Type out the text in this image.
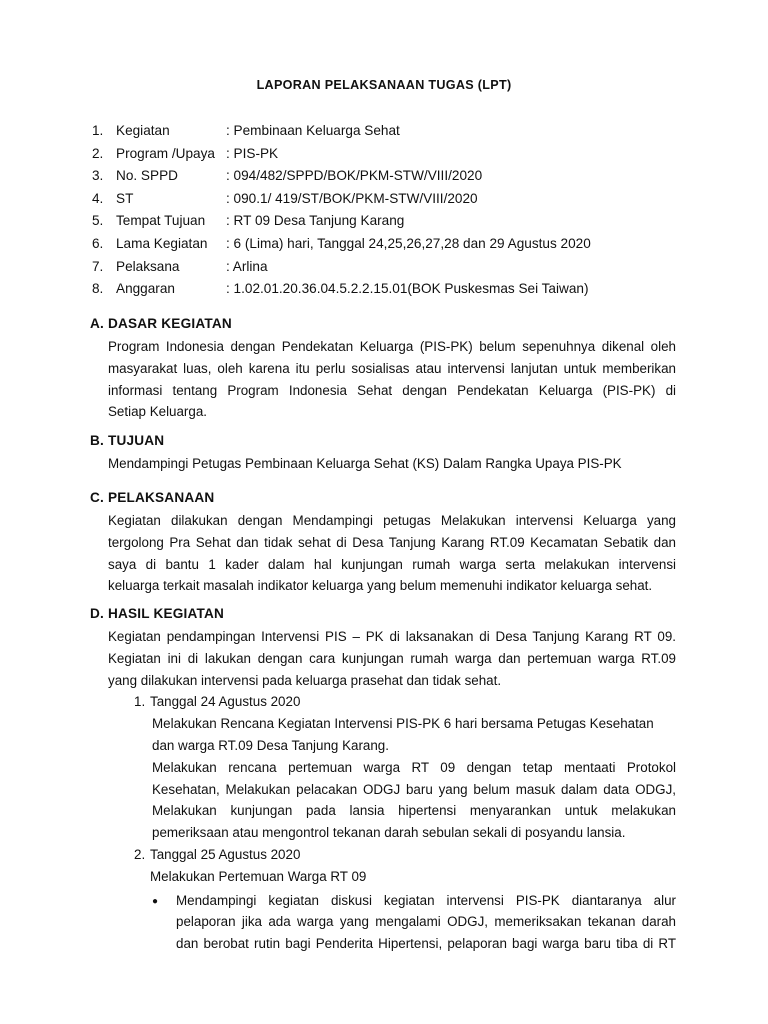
LAPORAN PELAKSANAAN TUGAS (LPT)
1. Kegiatan	: Pembinaan Keluarga Sehat
2. Program /Upaya : PIS-PK
3. No. SPPD	: 094/482/SPPD/BOK/PKM-STW/VIII/2020
4. ST	: 090.1/ 419/ST/BOK/PKM-STW/VIII/2020
5. Tempat Tujuan	: RT 09 Desa Tanjung Karang
6. Lama Kegiatan	: 6 (Lima) hari, Tanggal 24,25,26,27,28 dan 29 Agustus 2020
7. Pelaksana	: Arlina
8. Anggaran	: 1.02.01.20.36.04.5.2.2.15.01(BOK Puskesmas Sei Taiwan)
A. DASAR KEGIATAN

Program Indonesia dengan Pendekatan Keluarga (PIS-PK) belum sepenuhnya dikenal oleh
masyarakat luas, oleh karena itu perlu sosialisas atau intervensi lanjutan untuk memberikan
informasi tentang Program Indonesia Sehat dengan Pendekatan Keluarga (PIS-PK) di
Setiap Keluarga.

B. TUJUAN

Mendampingi Petugas Pembinaan Keluarga Sehat (KS) Dalam Rangka Upaya PIS-PK

C. PELAKSANAAN

Kegiatan dilakukan dengan Mendampingi petugas Melakukan intervensi Keluarga yang
tergolong Pra Sehat dan tidak sehat di Desa Tanjung Karang RT.09 Kecamatan Sebatik dan
saya di bantu 1 kader dalam hal kunjungan rumah warga serta melakukan intervensi
keluarga terkait masalah indikator keluarga yang belum memenuhi indikator keluarga sehat.

D. HASIL KEGIATAN

Kegiatan pendampingan Intervensi PIS – PK di laksanakan di Desa Tanjung Karang RT 09.
Kegiatan ini di lakukan dengan cara kunjungan rumah warga dan pertemuan warga RT.09
yang dilakukan intervensi pada keluarga prasehat dan tidak sehat.

1. Tanggal 24 Agustus 2020
Melakukan Rencana Kegiatan Intervensi PIS-PK 6 hari bersama Petugas Kesehatan
dan warga RT.09 Desa Tanjung Karang.
Melakukan rencana pertemuan warga RT 09 dengan tetap mentaati Protokol
Kesehatan, Melakukan pelacakan ODGJ baru yang belum masuk dalam data ODGJ,
Melakukan kunjungan pada lansia hipertensi menyarankan untuk melakukan
pemeriksaan atau mengontrol tekanan darah sebulan sekali di posyandu lansia.
2. Tanggal 25 Agustus 2020
Melakukan Pertemuan Warga RT 09
●	Mendampingi kegiatan diskusi kegiatan intervensi PIS-PK diantaranya alur
pelaporan jika ada warga yang mengalami ODGJ, memeriksakan tekanan darah
dan berobat rutin bagi Penderita Hipertensi, pelaporan bagi warga baru tiba di RT
